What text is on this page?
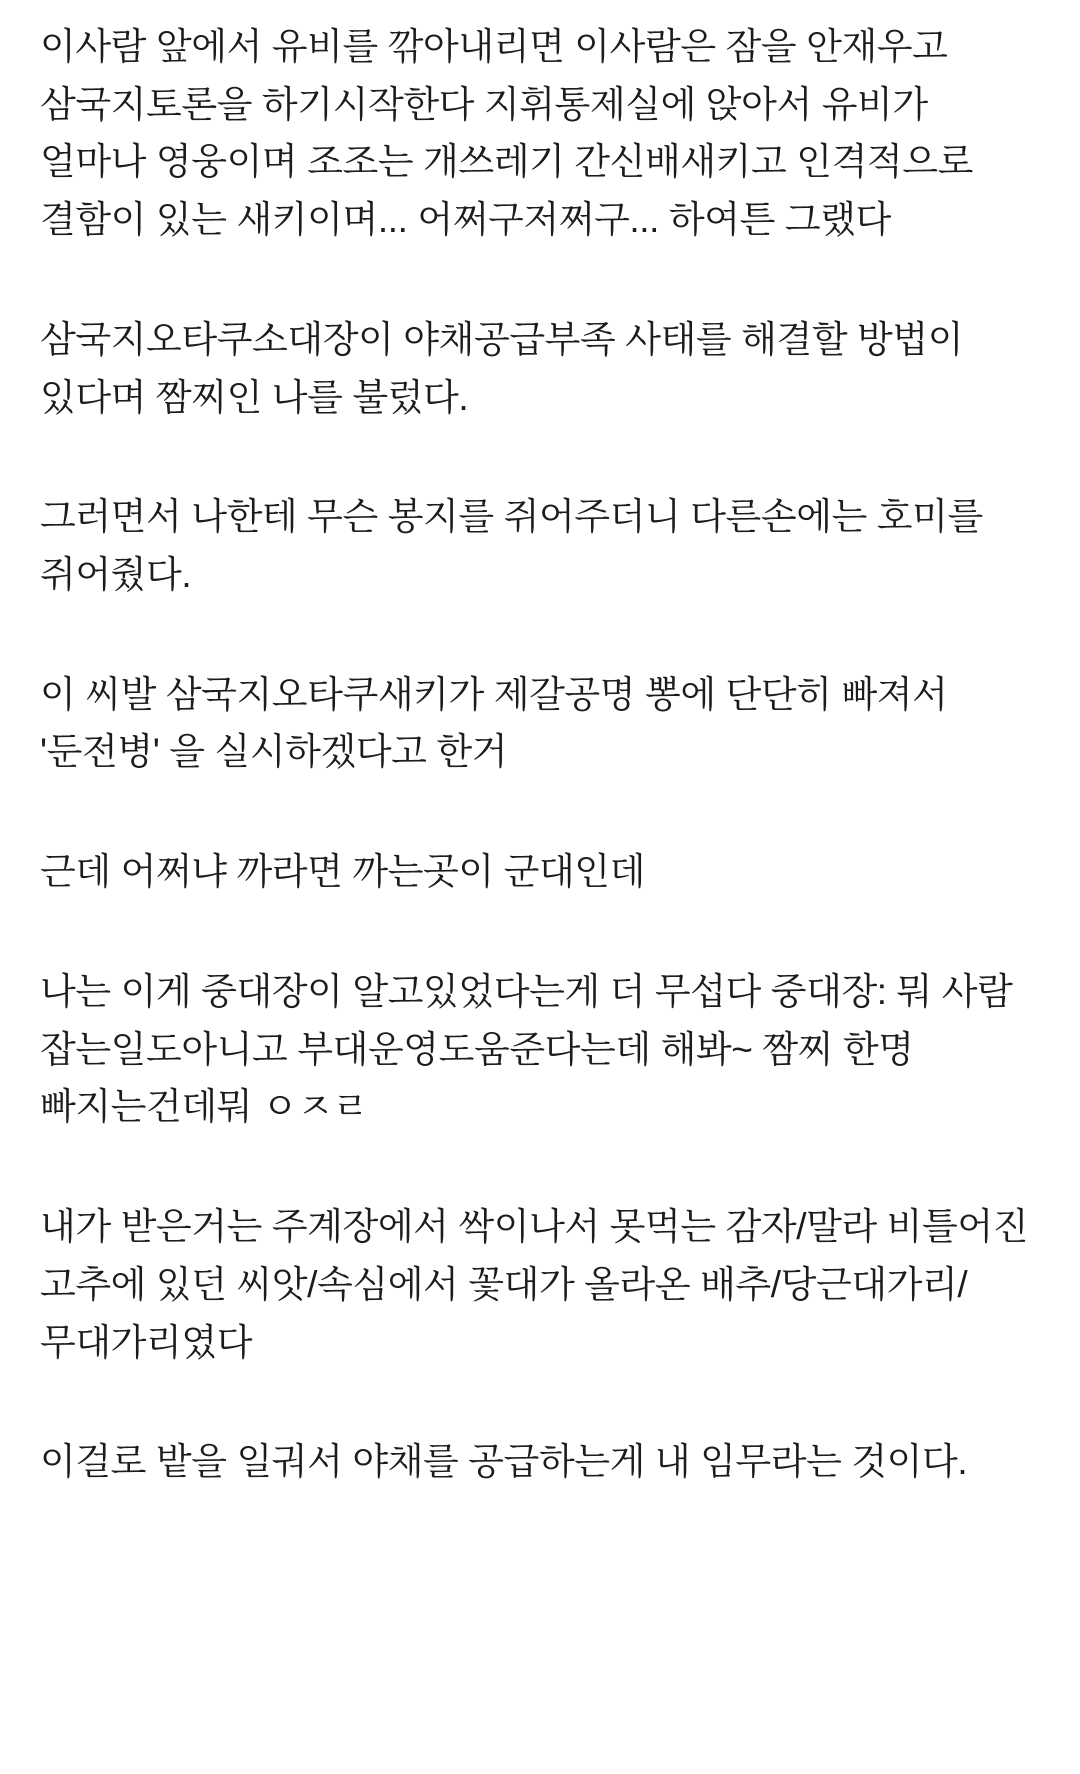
이사람 앞에서 유비를 깎아내리면 이사람은 잠을 안재우고 삼국지토론을 하기시작한다 지휘통제실에 앉아서 유비가 얼마나 영웅이며 조조는 개쓰레기 간신배새키고 인격적으로 결함이 있는 새키이며... 어쩌구저쩌구... 하여튼 그랬다

삼국지오타쿠소대장이 야채공급부족 사태를 해결할 방법이 있다며 짬찌인 나를 불렀다.

그러면서 나한테 무슨 봉지를 쥐어주더니 다른손에는 호미를 쥐어줬다.

이 씨발 삼국지오타쿠새키가 제갈공명 뽕에 단단히 빠져서 '둔전병' 을 실시하겠다고 한거

근데 어쩌냐 까라면 까는곳이 군대인데

나는 이게 중대장이 알고있었다는게 더 무섭다 중대장: 뭐 사람 잡는일도아니고 부대운영도움준다는데 해봐~ 짬찌 한명 빠지는건데뭐 ㅇㅈㄹ

내가 받은거는 주계장에서 싹이나서 못먹는 감자/말라 비틀어진 고추에 있던 씨앗/속심에서 꽃대가 올라온 배추/당근대가리/무대가리였다

이걸로 밭을 일궈서 야채를 공급하는게 내 임무라는 것이다.
